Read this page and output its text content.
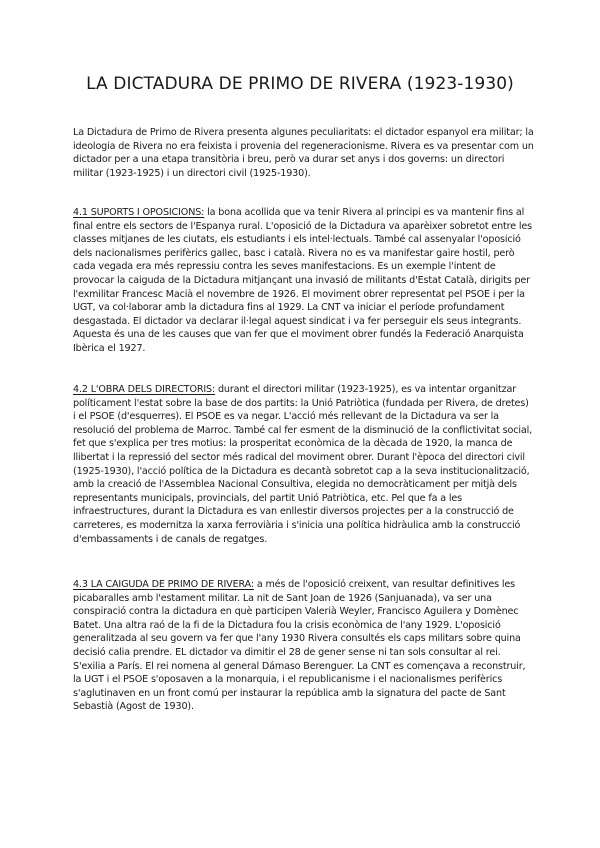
LA DICTADURA DE PRIMO DE RIVERA (1923-1930)

La Dictadura de Primo de Rivera presenta algunes peculiaritats: el dictador espanyol era militar; la ideologia de Rivera no era feixista i provenia del regeneracionisme. Rivera es va presentar com un dictador per a una etapa transitòria i breu, però va durar set anys i dos governs: un directori militar (1923-1925) i un directori civil (1925-1930).

4.1 SUPORTS I OPOSICIONS: la bona acollida que va tenir Rivera al principi es va mantenir fins al final entre els sectors de l'Espanya rural. L'oposició de la Dictadura va aparèixer sobretot entre les classes mitjanes de les ciutats, els estudiants i els intel·lectuals. També cal assenyalar l'oposició dels nacionalismes perifèrics gallec, basc i català. Rivera no es va manifestar gaire hostil, però cada vegada era més repressiu contra les seves manifestacions. Es un exemple l'intent de provocar la caiguda de la Dictadura mitjançant una invasió de militants d'Estat Català, dirigits per l'exmilitar Francesc Macià el novembre de 1926. El moviment obrer representat pel PSOE i per la UGT, va col·laborar amb la dictadura fins al 1929. La CNT va iniciar el període profundament desgastada. El dictador va declarar il·legal aquest sindicat i va fer perseguir els seus integrants. Aquesta és una de les causes que van fer que el moviment obrer fundés la Federació Anarquista Ibèrica el 1927.

4.2 L'OBRA DELS DIRECTORIS: durant el directori militar (1923-1925), es va intentar organitzar políticament l'estat sobre la base de dos partits: la Unió Patriòtica (fundada per Rivera, de dretes) i el PSOE (d'esquerres). El PSOE es va negar. L'acció més rellevant de la Dictadura va ser la resolució del problema de Marroc. També cal fer esment de la disminució de la conflictivitat social, fet que s'explica per tres motius: la prosperitat econòmica de la dècada de 1920, la manca de llibertat i la repressió del sector més radical del moviment obrer. Durant l'època del directori civil (1925-1930), l'acció política de la Dictadura es decantà sobretot cap a la seva institucionalització, amb la creació de l'Assemblea Nacional Consultiva, elegida no democràticament per mitjà dels representants municipals, provincials, del partit Unió Patriòtica, etc. Pel que fa a les infraestructures, durant la Dictadura es van enllestir diversos projectes per a la construcció de carreteres, es modernitza la xarxa ferroviària i s'inicia una política hidràulica amb la construcció d'embassaments i de canals de regatges.

4.3 LA CAIGUDA DE PRIMO DE RIVERA: a més de l'oposició creixent, van resultar definitives les picabaralles amb l'estament militar. La nit de Sant Joan de 1926 (Sanjuanada), va ser una conspiració contra la dictadura en què participen Valerià Weyler, Francisco Aguilera y Domènec Batet. Una altra raó de la fi de la Dictadura fou la crisis econòmica de l'any 1929. L'oposició generalitzada al seu govern va fer que l'any 1930 Rivera consultés els caps militars sobre quina decisió calia prendre. EL dictador va dimitir el 28 de gener sense ni tan sols consultar al rei. S'exilia a París. El rei nomena al general Dámaso Berenguer. La CNT es començava a reconstruir, la UGT i el PSOE s'oposaven a la monarquia, i el republicanisme i el nacionalismes perifèrics s'aglutinaven en un front comú per instaurar la república amb la signatura del pacte de Sant Sebastià (Agost de 1930).
